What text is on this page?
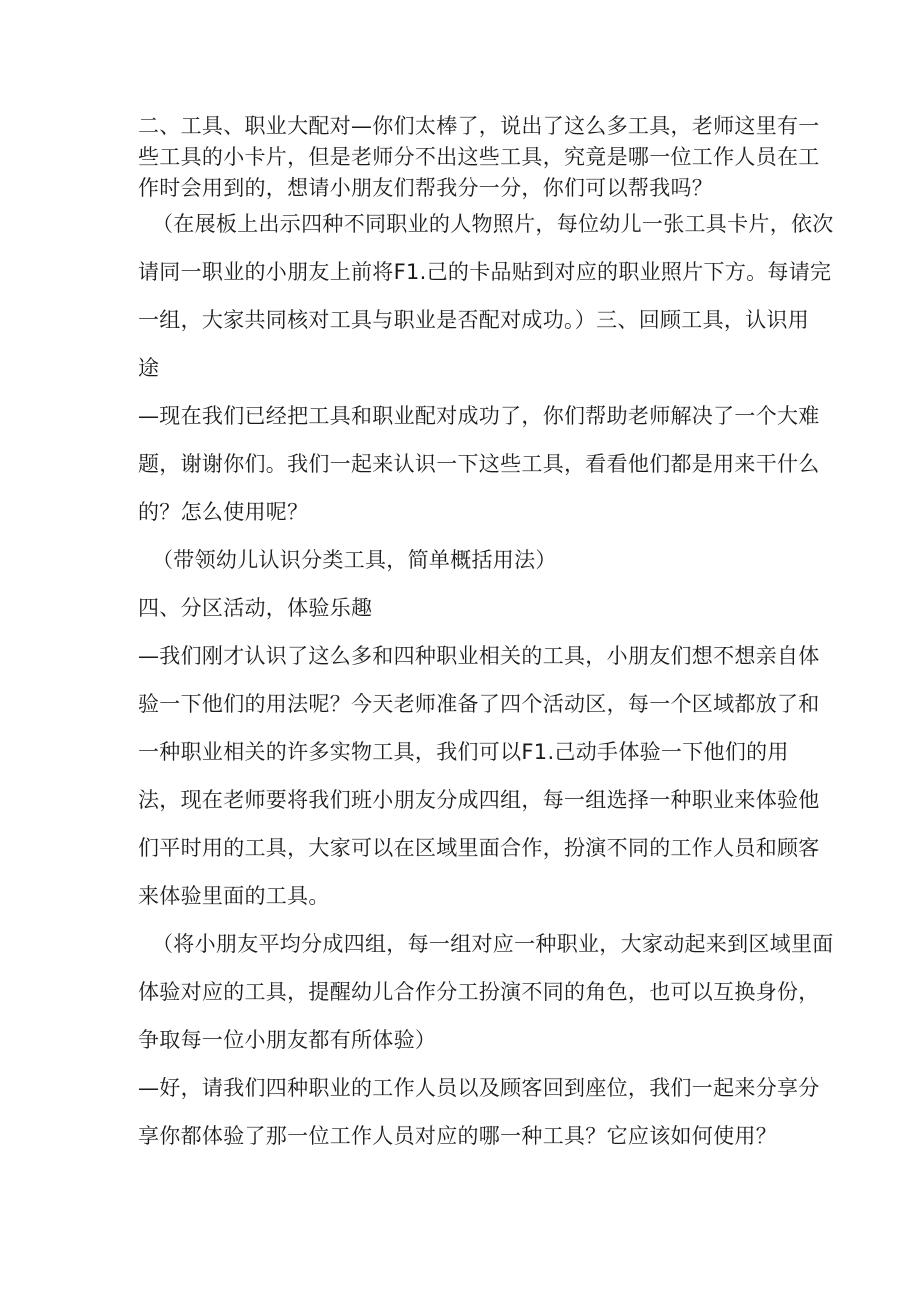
二、工具、职业大配对—你们太棒了，说出了这么多工具，老师这里有一
些工具的小卡片，但是老师分不出这些工具，究竟是哪一位工作人员在工
作时会用到的，想请小朋友们帮我分一分，你们可以帮我吗？
（在展板上出示四种不同职业的人物照片，每位幼儿一张工具卡片，依次
请同一职业的小朋友上前将F1.己的卡品贴到对应的职业照片下方。每请完
一组，大家共同核对工具与职业是否配对成功。）三、回顾工具，认识用
途
—现在我们已经把工具和职业配对成功了，你们帮助老师解决了一个大难
题，谢谢你们。我们一起来认识一下这些工具，看看他们都是用来干什么
的？怎么使用呢？
（带领幼儿认识分类工具，简单概括用法）
四、分区活动，体验乐趣
—我们刚才认识了这么多和四种职业相关的工具，小朋友们想不想亲自体
验一下他们的用法呢？今天老师准备了四个活动区，每一个区域都放了和
一种职业相关的许多实物工具，我们可以F1.己动手体验一下他们的用
法，现在老师要将我们班小朋友分成四组，每一组选择一种职业来体验他
们平时用的工具，大家可以在区域里面合作，扮演不同的工作人员和顾客
来体验里面的工具。
（将小朋友平均分成四组，每一组对应一种职业，大家动起来到区域里面
体验对应的工具，提醒幼儿合作分工扮演不同的角色，也可以互换身份，
争取每一位小朋友都有所体验）
—好，请我们四种职业的工作人员以及顾客回到座位，我们一起来分享分
享你都体验了那一位工作人员对应的哪一种工具？它应该如何使用？
